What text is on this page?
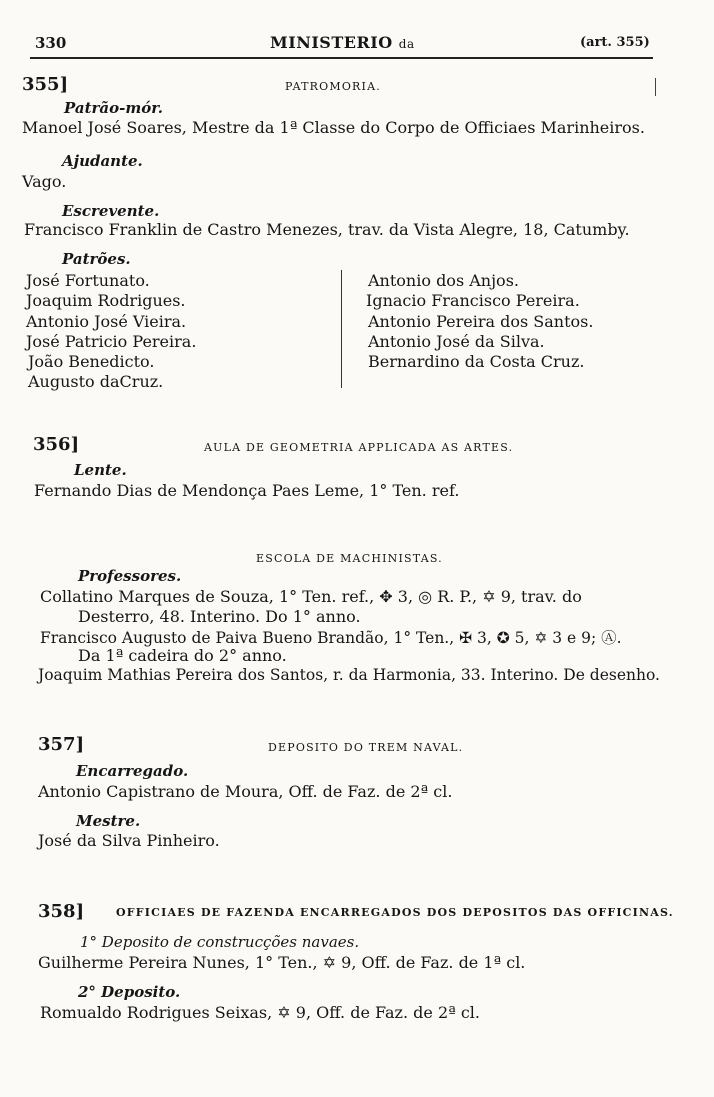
330	MINISTERIO da	(art. 355)
355]	PATROMORIA.
Patrão-mór.
Manoel José Soares, Mestre da 1ª Classe do Corpo de Officiaes Marinheiros.
Ajudante.
Vago.
Escrevente.
Francisco Franklin de Castro Menezes, trav. da Vista Alegre, 18, Catumby.
Patrões.
José Fortunato.
Joaquim Rodrigues.
Antonio José Vieira.
José Patricio Pereira.
João Benedicto.
Augusto daCruz.
Antonio dos Anjos.
Ignacio Francisco Pereira.
Antonio Pereira dos Santos.
Antonio José da Silva.
Bernardino da Costa Cruz.
356]	AULA DE GEOMETRIA APPLICADA AS ARTES.
Lente.
Fernando Dias de Mendonça Paes Leme, 1° Ten. ref.
ESCOLA DE MACHINISTAS.
Professores.
Collatino Marques de Souza, 1° Ten. ref., ✥ 3, ◎ R. P., ✡ 9, trav. do
Desterro, 48. Interino. Do 1° anno.
Francisco Augusto de Paiva Bueno Brandão, 1° Ten., ✠ 3, ✪ 5, ✡ 3 e 9; Ⓐ.
Da 1ª cadeira do 2° anno.
Joaquim Mathias Pereira dos Santos, r. da Harmonia, 33. Interino. De desenho.
357]	DEPOSITO DO TREM NAVAL.
Encarregado.
Antonio Capistrano de Moura, Off. de Faz. de 2ª cl.
Mestre.
José da Silva Pinheiro.
358]	OFFICIAES DE FAZENDA ENCARREGADOS DOS DEPOSITOS DAS OFFICINAS.
1° Deposito de construcções navaes.
Guilherme Pereira Nunes, 1° Ten., ✡ 9, Off. de Faz. de 1ª cl.
2° Deposito.
Romualdo Rodrigues Seixas, ✡ 9, Off. de Faz. de 2ª cl.
